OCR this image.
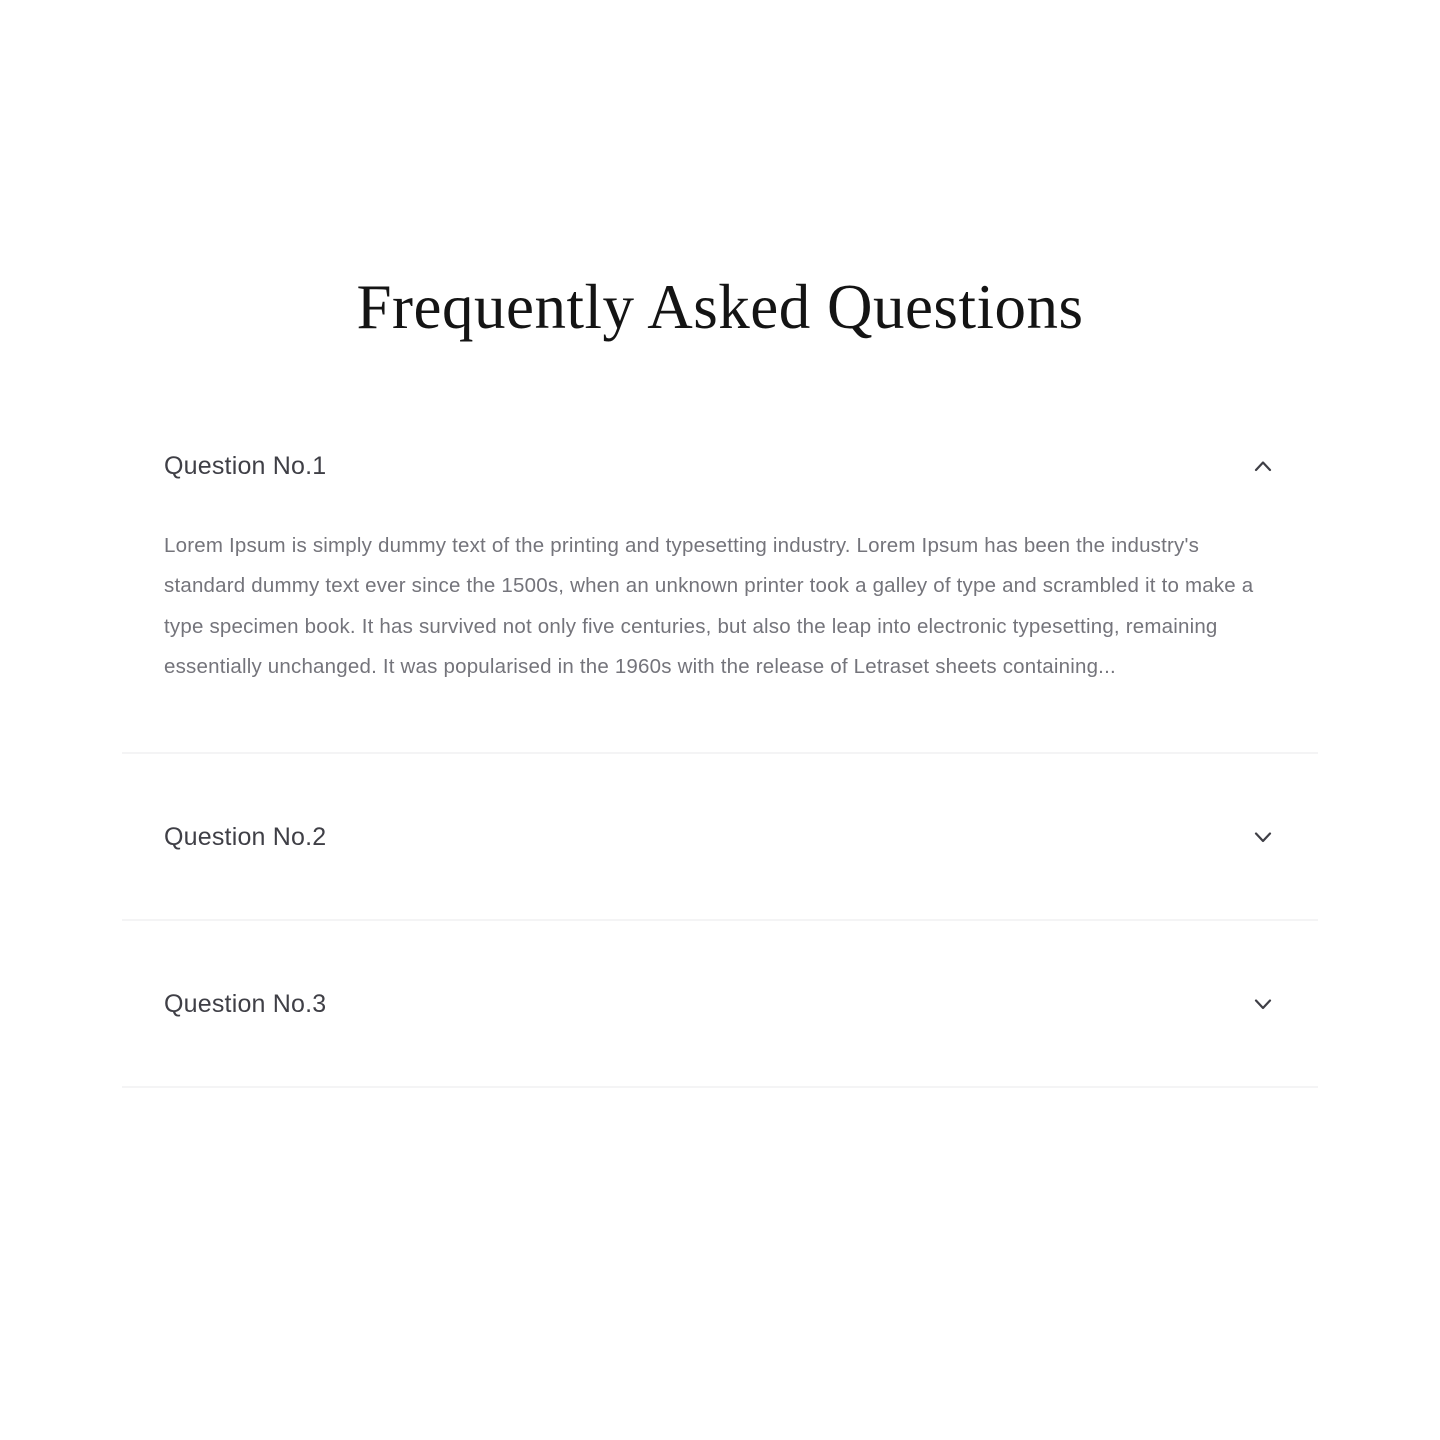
Frequently Asked Questions
Question No.1
Lorem Ipsum is simply dummy text of the printing and typesetting industry. Lorem Ipsum has been the industry's standard dummy text ever since the 1500s, when an unknown printer took a galley of type and scrambled it to make a type specimen book. It has survived not only five centuries, but also the leap into electronic typesetting, remaining essentially unchanged. It was popularised in the 1960s with the release of Letraset sheets containing...
Question No.2
Question No.3
